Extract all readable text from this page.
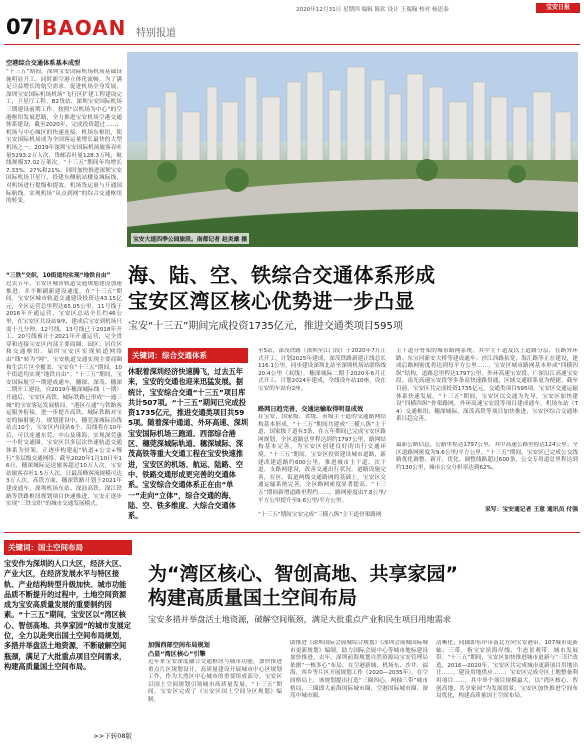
2020年12月31日 星期四 编辑 陈钦 设计 王瑞翰 校对 杨思泰	宝安日报
07 BAOAN 特别报道
空港综合交通体系基本成型
“十三五”期间，深圳宝安国际机场机场基础设施明显升工，同时新空港立体化流畅。为了满足日益增长的航空需求，促进机场全身发展，深圳宝安国际机场机场“飞行区扩建工程建设完工，卫星厅工程、B2货站、深圳宝安国际机场三期建设前期工作。按照“以机场为中心”的空港枢纽发展思路，全力推进宝安机场空港交通体系建设，截至2020年，完成投资超过……；机场与中心城区的快速连接，机场东枢纽，使宝安国际机场成为全国客运量增长最快的大型机场之一。2019年深圳宝安国际机场旅客吞吐量5293.2万人次，货邮吞吐量128.3万吨，航线规模37.02万架次。“十三五”期间年均增长7.33%、27%和21%。同时加快推进深圳宝安国际机场卫星厅，投建东侧航站楼及城际线，对机场进行提级和提效，机场货运量与开通国际航线。实现机场“从点到网”的综合交通枢纽的转变。
宝安大道四季公园旅段。南都记者 赵炎雄 摄
海、陆、空、铁综合交通体系形成
宝安区湾区核心优势进一步凸显
宝安“十三五”期间完成投资1735亿元，推进交通类项目595项
“三铁”交织，10街道均实现“地铁自由”
过去五年，宝安区城市轨道交通规划建设加速推进，并不断刷新建设速度。在“十三五”期间，宝安区城市轨道交通建设投资达43.15亿元，全区运营总里程达65.05公里。11号线于2016年开通运营，宝安区总站全长约46公里，在宝安区共设站9座，建成后宝安到机场只需十几分钟。12号线、13号线已于2018年开工，20号线预计于2021年开通运营，完全贯穿和连接宝安区内部主要商圈、园区、居住区和交通枢纽。届时宝安区实现轨道网络由“线”转为“网”，宝安轨道交通实现主要商圈和生活片区全覆盖，宝安在“十三五”期间，10个街道均实现“地铁自由”。“十三五”期间，宝安国际航空一期建成通车，穗深、深茂、穗深二期开工建设，自2019年穗深城际线（一期）开通后，宝安区高铁、城际铁路已形成“一通三城”的宝安客运发展格局。“港区互通”与铁路客运服务衔接，进一步提升高铁、城际铁路对宝安的辐射能力。规划建设中，穗莞深城际沿线站点10个，宝安区内设站6个，沿线将在10年后，可以连通东莞、中山及珠海，实现深莞惠一小时交通圈。宝安区以多层次快速轨道交通体系为骨架，正逐步构建起“轨道+公交+慢行”多层级交通网络。截至2020年1月10日至16日，穗深城际运送旅客超过10万人次，宝安站旅客吞吐1.5万人次，日最高峰客流规模可达3万人次。高铁方面，穗深铁路计划于2021年建成通车，深圳机场东站、深汕高铁、深江铁路等铁路枢纽规划项目快速推进，宝安正逐步实现“三铁交织”的城市交通发展模式。
关键词：综合交通体系
休眠着深圳经济快速腾飞，过去五年来，宝安的交通也迎来迅猛发展。据统计，宝安综合交通“十三五”项目库共计507项。“十三五”期间已完成投资1735亿元，推进交通类项目共595项。随着深中通道、外环高速、深圳宝安国际机场三跑道、西部综合港区、穗莞深城际轨道、穗深城际、深茂高铁等重大交通工程在宝安快速推进，宝安区的机场、航运、陆路、空中、铁路交通形成更完善的交通体系。宝安综合交通体系正在由“单一”走向“立体”，综合交通的海、陆、空、铁多维度、大综合交通体系。
至5站，深茂铁路（深圳至江门段）于2020年7月正式开工，计划2025年建成，深茂铁路新建正线总长116.1公里，同步建设深圳北站至深圳机场站联络线20.4公里（双线）。穗深城际二期于2020年6月正式开工，计划2024年建成，全线设车站10座，设在宝安的车站有2座。
路网日趋完善，交通运输取得明显成效
在宝安，国家级、省级、市级主干道的交通路网结构基本形成，“十三五”期间共建成“三横八纵”主干道，国家级干道有3条，在五年期间已完成宝安区路网规划，全区道路总里程达到约1797公里，路网结构基本完善，为宝安区创建良好的出行交通环境。“十三五”期间，宝安区投资建设城市道路，新建改建道路约600公里，推进城市主干道、次干道、支路网建设，改善交通出行状况。道路设施完善，在区、街道两级交通路网的基础上，宝安区交通运输系统完善，全区路网密度显著提高，“十三五”期间新增道路里程约……，路网密度由7.8公里/平方公里提升至9.6公里/平方公里。
“十三五”期间宝安完成“三横八纵”主干道骨架路网
主干道分骨架的城市路网系统，其中主干道及以上道路分层，在路外环路、东宝河新安大桥等建成通车；沙江西路拓宽，海汇路等正在建设，建成后路网密度将达到每平方公里……，宝安区城市路网基本形成“四横四纵”结构，道路总里程达1797公里。外环高速宝安段、广深沿江高速宝安段、南光高速宝安段等多条高快速路贯通，区域交通联系更为便捷。截至目前，宝安区共完成投资1735亿元，交通类项目595项，宝安区交通运输体系快速发展。“十三五”期间，宝安区以交通为先导，宝安区加快建设“四横四纵”骨架路网，外环高速宝安段等项目建成通车，机场东站（T4）交通枢纽、穗深城际、深茂高铁等项目加快推进，宝安区综合交通体系日趋完善。
最新公路信息，公路里程达1797公里，其中高速公路里程达124公里；全区道路网密度为9.6公里/平方公里。“十三五”期间，宝安区已完成公交线路优化调整，新开、优化、调整线路超过600条，公交专用道总里程达到约130公里，城市公交分担率达到62%。
采写：宝安通记者 王意 通讯员 付强
关键词：国土空间布局
宝安作为深圳的人口大区，经济大区、产业大区，在经济发展水平与特区接轨、产业结构转型升级加快、城市功能品质不断提升的过程中，土地空间资源成为宝安高质量发展的重要制约因素。“十三五”期间，宝安区以“湾区核心、智创高地、共享家园”的城市发展定位，全力以赴突出国土空间布局规划，多措并举盘活土地资源，不断破解空间瓶颈，满足了大批重点项目空间需求，构建高质量国土空间布局。
>>下转08版
为“湾区核心、智创高地、共享家园”
构建高质量国土空间布局
宝安多措并举盘活土地资源，破解空间瓶颈，满足大批重点产业和民生项目用地需求
加强西部空间布局规划
凸显“湾区核心”引擎
近年来宝安深度融合交通枢纽与城市功能，加快推进重点片区规划设计，高质量建设开展城市中心区规划工作，作为大湾区中心城市的重要组成部分，宝安区以国土空间规划引领城市高质量发展，“十三五”期间，宝安区完成了《宝安区国土空间分区规划》编制。
助推进《深圳国际会展城综合规划》《深圳会展城国际城市更新规划》编制，助力国际会展中心等城市地标建设加快推进。去年，深圳前海规划自然资源局宝安管理局依据“一核多心”布局，在空港新城、机场东、沙井、福海、西乡等片区开展规划工作（2020—2035年），在空间格局上，该规划提出打造“三圈四心、两轴三带”城市格局，三圈即大前海国际城市圈、空港国际城市圈、深茂中城市圈。
清晰化；同轴即东岸带南北方向宝安港带、107城市更新轴；三带，指宝安滨海岸线、生态景观带、城市发展带。“十三五”期间，宝安区加快推进城市更新与“三旧”改造，2016—2020年，宝安区共完成城市更新项目用地出让……，建设用地供应……；宝安区完成全区土地整备利用项目……，其中单个项目规模最大，以“湾区核心、智创高地、共享家园”为发展愿景，宝安区加快推进空间布局优化，构建高质量国土空间布局。
